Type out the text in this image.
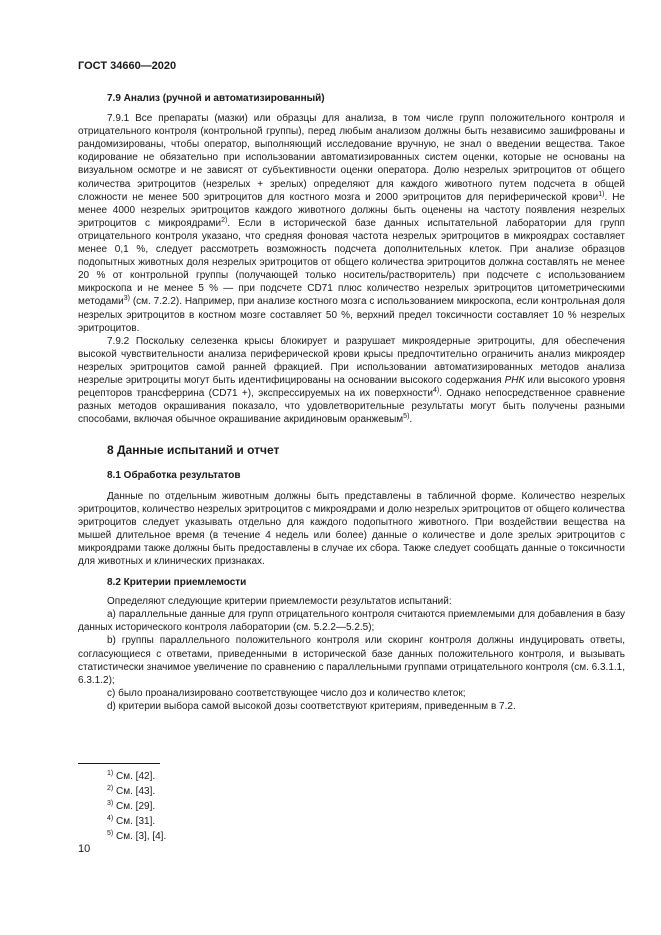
ГОСТ 34660—2020
7.9 Анализ (ручной и автоматизированный)

7.9.1 Все препараты (мазки) или образцы для анализа, в том числе групп положительного контроля и отрицательного контроля (контрольной группы), перед любым анализом должны быть независимо зашифрованы и рандомизированы, чтобы оператор, выполняющий исследование вручную, не знал о введении вещества. Такое кодирование не обязательно при использовании автоматизированных систем оценки, которые не основаны на визуальном осмотре и не зависят от субъективности оценки оператора. Долю незрелых эритроцитов от общего количества эритроцитов (незрелых + зрелых) определяют для каждого животного путем подсчета в общей сложности не менее 500 эритроцитов для костного мозга и 2000 эритроцитов для периферической крови$^{1)}$. Не менее 4000 незрелых эритроцитов каждого животного должны быть оценены на частоту появления незрелых эритроцитов с микроядрами$^{2)}$. Если в исторической базе данных испытательной лаборатории для групп отрицательного контроля указано, что средняя фоновая частота незрелых эритроцитов в микроядрах составляет менее 0,1 %, следует рассмотреть возможность подсчета дополнительных клеток. При анализе образцов подопытных животных доля незрелых эритроцитов от общего количества эритроцитов должна составлять не менее 20 % от контрольной группы (получающей только носитель/растворитель) при подсчете с использованием микроскопа и не менее 5 % — при подсчете CD71 плюс количество незрелых эритроцитов цитометрическими методами$^{3)}$ (см. 7.2.2). Например, при анализе костного мозга с использованием микроскопа, если контрольная доля незрелых эритроцитов в костном мозге составляет 50 %, верхний предел токсичности составляет 10 % незрелых эритроцитов.

7.9.2 Поскольку селезенка крысы блокирует и разрушает микроядерные эритроциты, для обеспечения высокой чувствительности анализа периферической крови крысы предпочтительно ограничить анализ микроядер незрелых эритроцитов самой ранней фракцией. При использовании автоматизированных методов анализа незрелые эритроциты могут быть идентифицированы на основании высокого содержания РНК или высокого уровня рецепторов трансферрина (CD71 +), экспрессируемых на их поверхности$^{4)}$. Однако непосредственное сравнение разных методов окрашивания показало, что удовлетворительные результаты могут быть получены разными способами, включая обычное окрашивание акридиновым оранжевым$^{5)}$.

8 Данные испытаний и отчет
8.1 Обработка результатов

Данные по отдельным животным должны быть представлены в табличной форме. Количество незрелых эритроцитов, количество незрелых эритроцитов с микроядрами и долю незрелых эритроцитов от общего количества эритроцитов следует указывать отдельно для каждого подопытного животного. При воздействии вещества на мышей длительное время (в течение 4 недель или более) данные о количестве и доле зрелых эритроцитов с микроядрами также должны быть предоставлены в случае их сбора. Также следует сообщать данные о токсичности для животных и клинических признаках.

8.2 Критерии приемлемости

Определяют следующие критерии приемлемости результатов испытаний:

а) параллельные данные для групп отрицательного контроля считаются приемлемыми для добавления в базу данных исторического контроля лаборатории (см. 5.2.2—5.2.5);

b) группы параллельного положительного контроля или скоринг контроля должны индуцировать ответы, согласующиеся с ответами, приведенными в исторической базе данных положительного контроля, и вызывать статистически значимое увеличение по сравнению с параллельными группами отрицательного контроля (см. 6.3.1.1, 6.3.1.2);

c) было проанализировано соответствующее число доз и количество клеток;

d) критерии выбора самой высокой дозы соответствуют критериям, приведенным в 7.2.

$^{1)}$ См. [42].
$^{2)}$ См. [43].
$^{3)}$ См. [29].
$^{4)}$ См. [31].
$^{5)}$ См. [3], [4].
10
